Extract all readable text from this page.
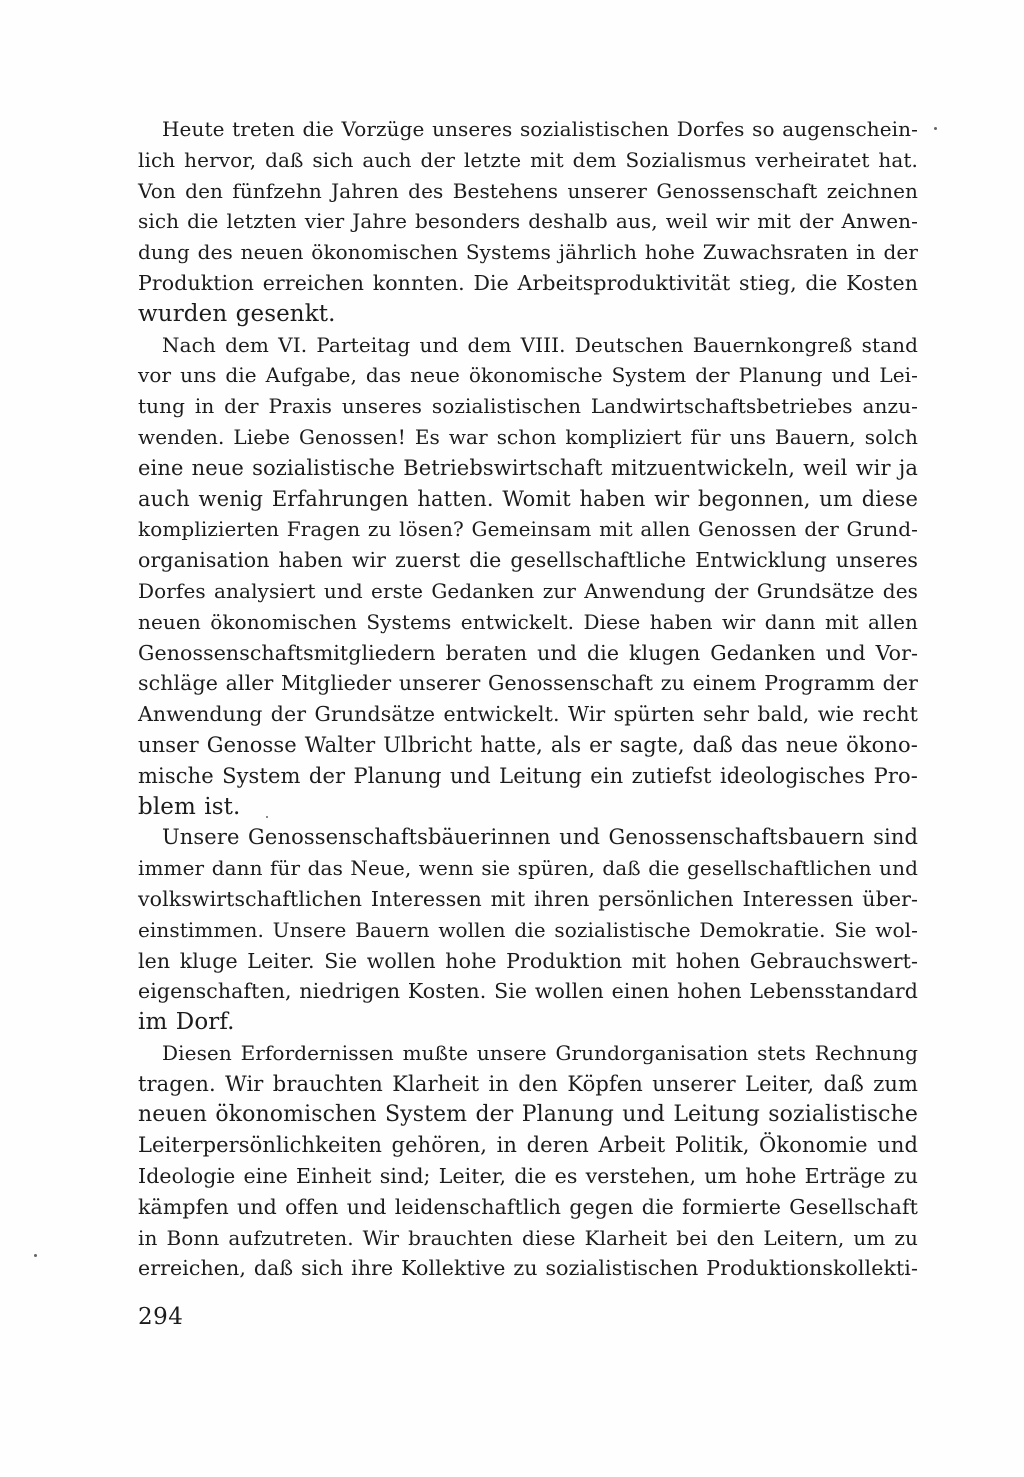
Heute treten die Vorzüge unseres sozialistischen Dorfes so augenschein-
lich hervor, daß sich auch der letzte mit dem Sozialismus verheiratet hat.
Von den fünfzehn Jahren des Bestehens unserer Genossenschaft zeichnen
sich die letzten vier Jahre besonders deshalb aus, weil wir mit der Anwen-
dung des neuen ökonomischen Systems jährlich hohe Zuwachsraten in der
Produktion erreichen konnten. Die Arbeitsproduktivität stieg, die Kosten
wurden gesenkt.
Nach dem VI. Parteitag und dem VIII. Deutschen Bauernkongreß stand
vor uns die Aufgabe, das neue ökonomische System der Planung und Lei-
tung in der Praxis unseres sozialistischen Landwirtschaftsbetriebes anzu-
wenden. Liebe Genossen! Es war schon kompliziert für uns Bauern, solch
eine neue sozialistische Betriebswirtschaft mitzuentwickeln, weil wir ja
auch wenig Erfahrungen hatten. Womit haben wir begonnen, um diese
komplizierten Fragen zu lösen? Gemeinsam mit allen Genossen der Grund-
organisation haben wir zuerst die gesellschaftliche Entwicklung unseres
Dorfes analysiert und erste Gedanken zur Anwendung der Grundsätze des
neuen ökonomischen Systems entwickelt. Diese haben wir dann mit allen
Genossenschaftsmitgliedern beraten und die klugen Gedanken und Vor-
schläge aller Mitglieder unserer Genossenschaft zu einem Programm der
Anwendung der Grundsätze entwickelt. Wir spürten sehr bald, wie recht
unser Genosse Walter Ulbricht hatte, als er sagte, daß das neue ökono-
mische System der Planung und Leitung ein zutiefst ideologisches Pro-
blem ist.
Unsere Genossenschaftsbäuerinnen und Genossenschaftsbauern sind
immer dann für das Neue, wenn sie spüren, daß die gesellschaftlichen und
volkswirtschaftlichen Interessen mit ihren persönlichen Interessen über-
einstimmen. Unsere Bauern wollen die sozialistische Demokratie. Sie wol-
len kluge Leiter. Sie wollen hohe Produktion mit hohen Gebrauchswert-
eigenschaften, niedrigen Kosten. Sie wollen einen hohen Lebensstandard
im Dorf.
Diesen Erfordernissen mußte unsere Grundorganisation stets Rechnung
tragen. Wir brauchten Klarheit in den Köpfen unserer Leiter, daß zum
neuen ökonomischen System der Planung und Leitung sozialistische
Leiterpersönlichkeiten gehören, in deren Arbeit Politik, Ökonomie und
Ideologie eine Einheit sind; Leiter, die es verstehen, um hohe Erträge zu
kämpfen und offen und leidenschaftlich gegen die formierte Gesellschaft
in Bonn aufzutreten. Wir brauchten diese Klarheit bei den Leitern, um zu
erreichen, daß sich ihre Kollektive zu sozialistischen Produktionskollekti-
294
